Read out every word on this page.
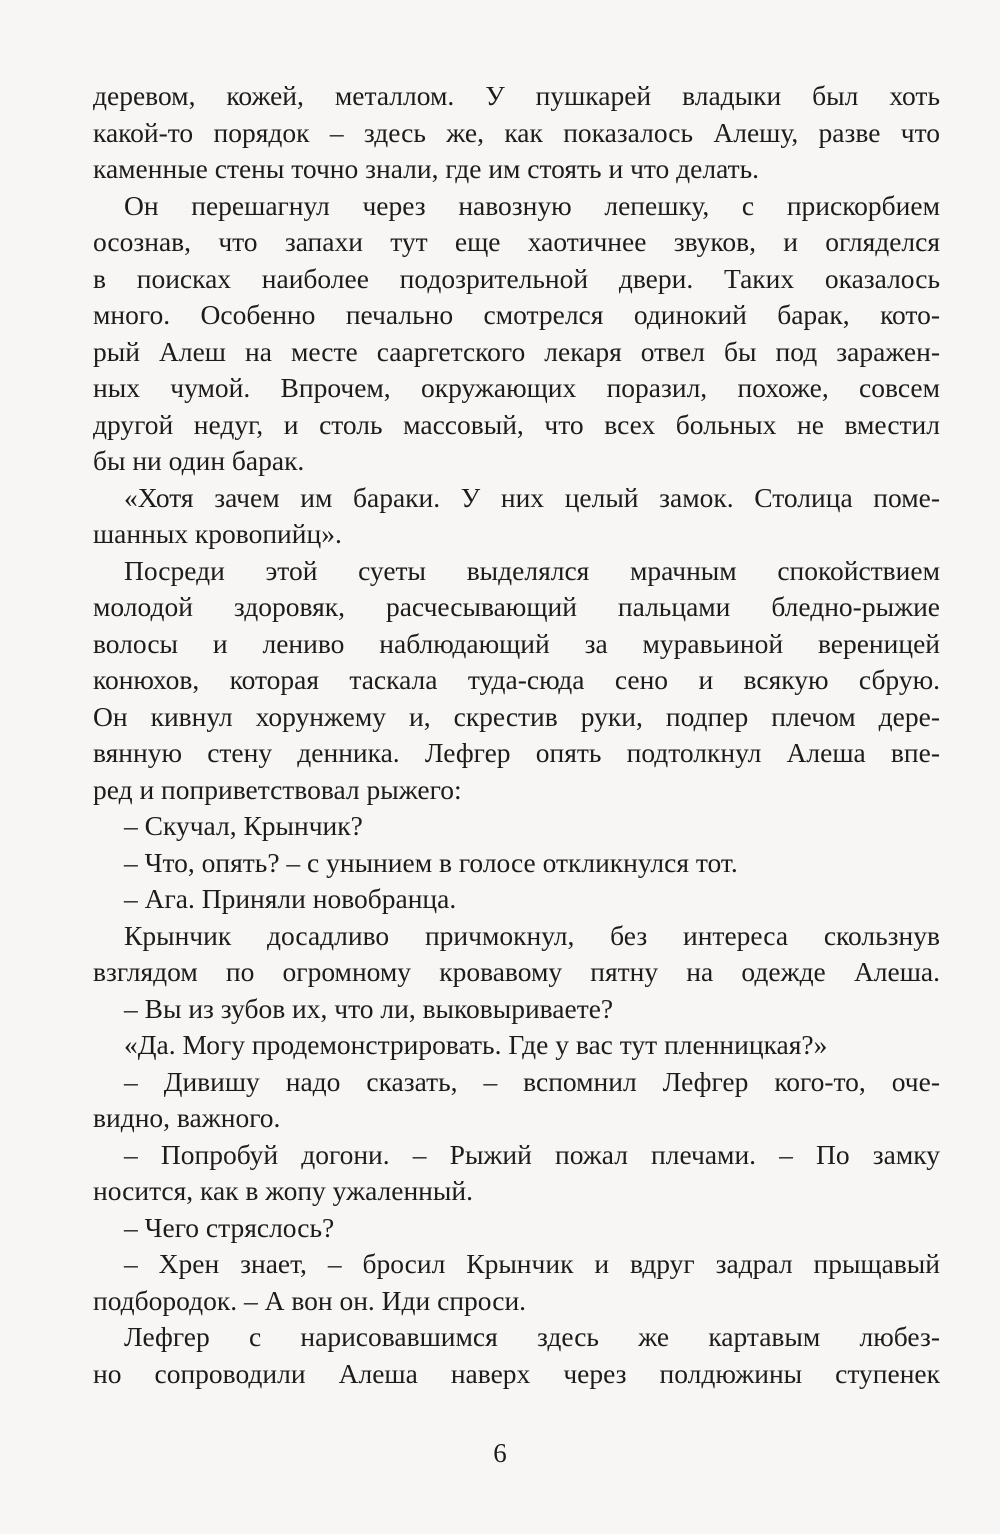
деревом, кожей, металлом. У пушкарей владыки был хоть
какой-то порядок – здесь же, как показалось Алешу, разве что
каменные стены точно знали, где им стоять и что делать.
Он перешагнул через навозную лепешку, с прискорбием
осознав, что запахи тут еще хаотичнее звуков, и огляделся
в поисках наиболее подозрительной двери. Таких оказалось
много. Особенно печально смотрелся одинокий барак, кото-
рый Алеш на месте сааргетского лекаря отвел бы под заражен-
ных чумой. Впрочем, окружающих поразил, похоже, совсем
другой недуг, и столь массовый, что всех больных не вместил
бы ни один барак.
«Хотя зачем им бараки. У них целый замок. Столица поме-
шанных кровопийц».
Посреди этой суеты выделялся мрачным спокойствием
молодой здоровяк, расчесывающий пальцами бледно-рыжие
волосы и лениво наблюдающий за муравьиной вереницей
конюхов, которая таскала туда-сюда сено и всякую сбрую.
Он кивнул хорунжему и, скрестив руки, подпер плечом дере-
вянную стену денника. Лефгер опять подтолкнул Алеша впе-
ред и поприветствовал рыжего:
– Скучал, Крынчик?
– Что, опять? – с унынием в голосе откликнулся тот.
– Ага. Приняли новобранца.
Крынчик досадливо причмокнул, без интереса скользнув
взглядом по огромному кровавому пятну на одежде Алеша.
– Вы из зубов их, что ли, выковыриваете?
«Да. Могу продемонстрировать. Где у вас тут пленницкая?»
– Дивишу надо сказать, – вспомнил Лефгер кого-то, оче-
видно, важного.
– Попробуй догони. – Рыжий пожал плечами. – По замку
носится, как в жопу ужаленный.
– Чего стряслось?
– Хрен знает, – бросил Крынчик и вдруг задрал прыщавый
подбородок. – А вон он. Иди спроси.
Лефгер с нарисовавшимся здесь же картавым любез-
но сопроводили Алеша наверх через полдюжины ступенек
6
